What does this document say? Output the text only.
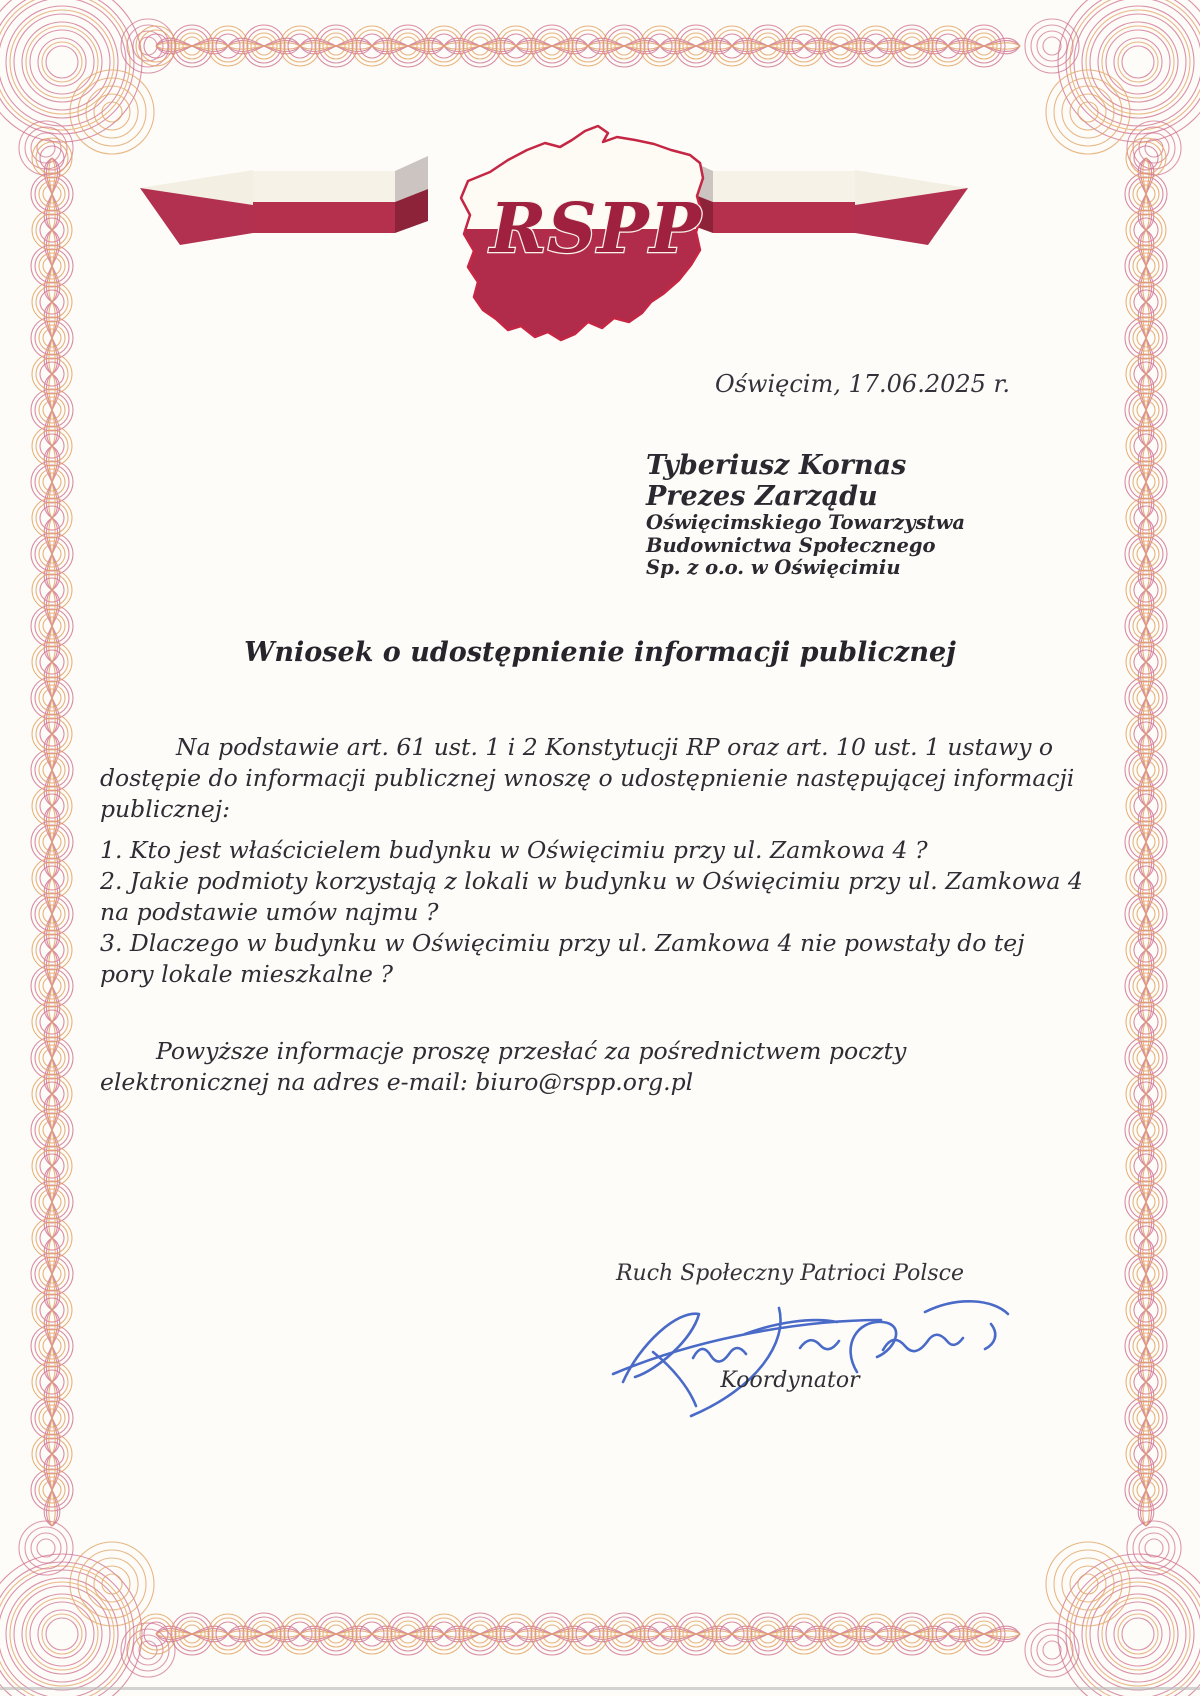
RSPP
Oświęcim, 17.06.2025 r.
Tyberiusz Kornas
Prezes Zarządu
Oświęcimskiego Towarzystwa
Budownictwa Społecznego
Sp. z o.o. w Oświęcimiu
Wniosek o udostępnienie informacji publicznej

Na podstawie art. 61 ust. 1 i 2 Konstytucji RP oraz art. 10 ust. 1 ustawy o dostępie do informacji publicznej wnoszę o udostępnienie następującej informacji publicznej:

1. Kto jest właścicielem budynku w Oświęcimiu przy ul. Zamkowa 4 ?

2. Jakie podmioty korzystają z lokali w budynku w Oświęcimiu przy ul. Zamkowa 4 na podstawie umów najmu ?

3. Dlaczego w budynku w Oświęcimiu przy ul. Zamkowa 4 nie powstały do tej pory lokale mieszkalne ?

Powyższe informacje proszę przesłać za pośrednictwem poczty elektronicznej na adres e-mail: biuro@rspp.org.pl

Ruch Społeczny Patrioci Polsce
Koordynator
